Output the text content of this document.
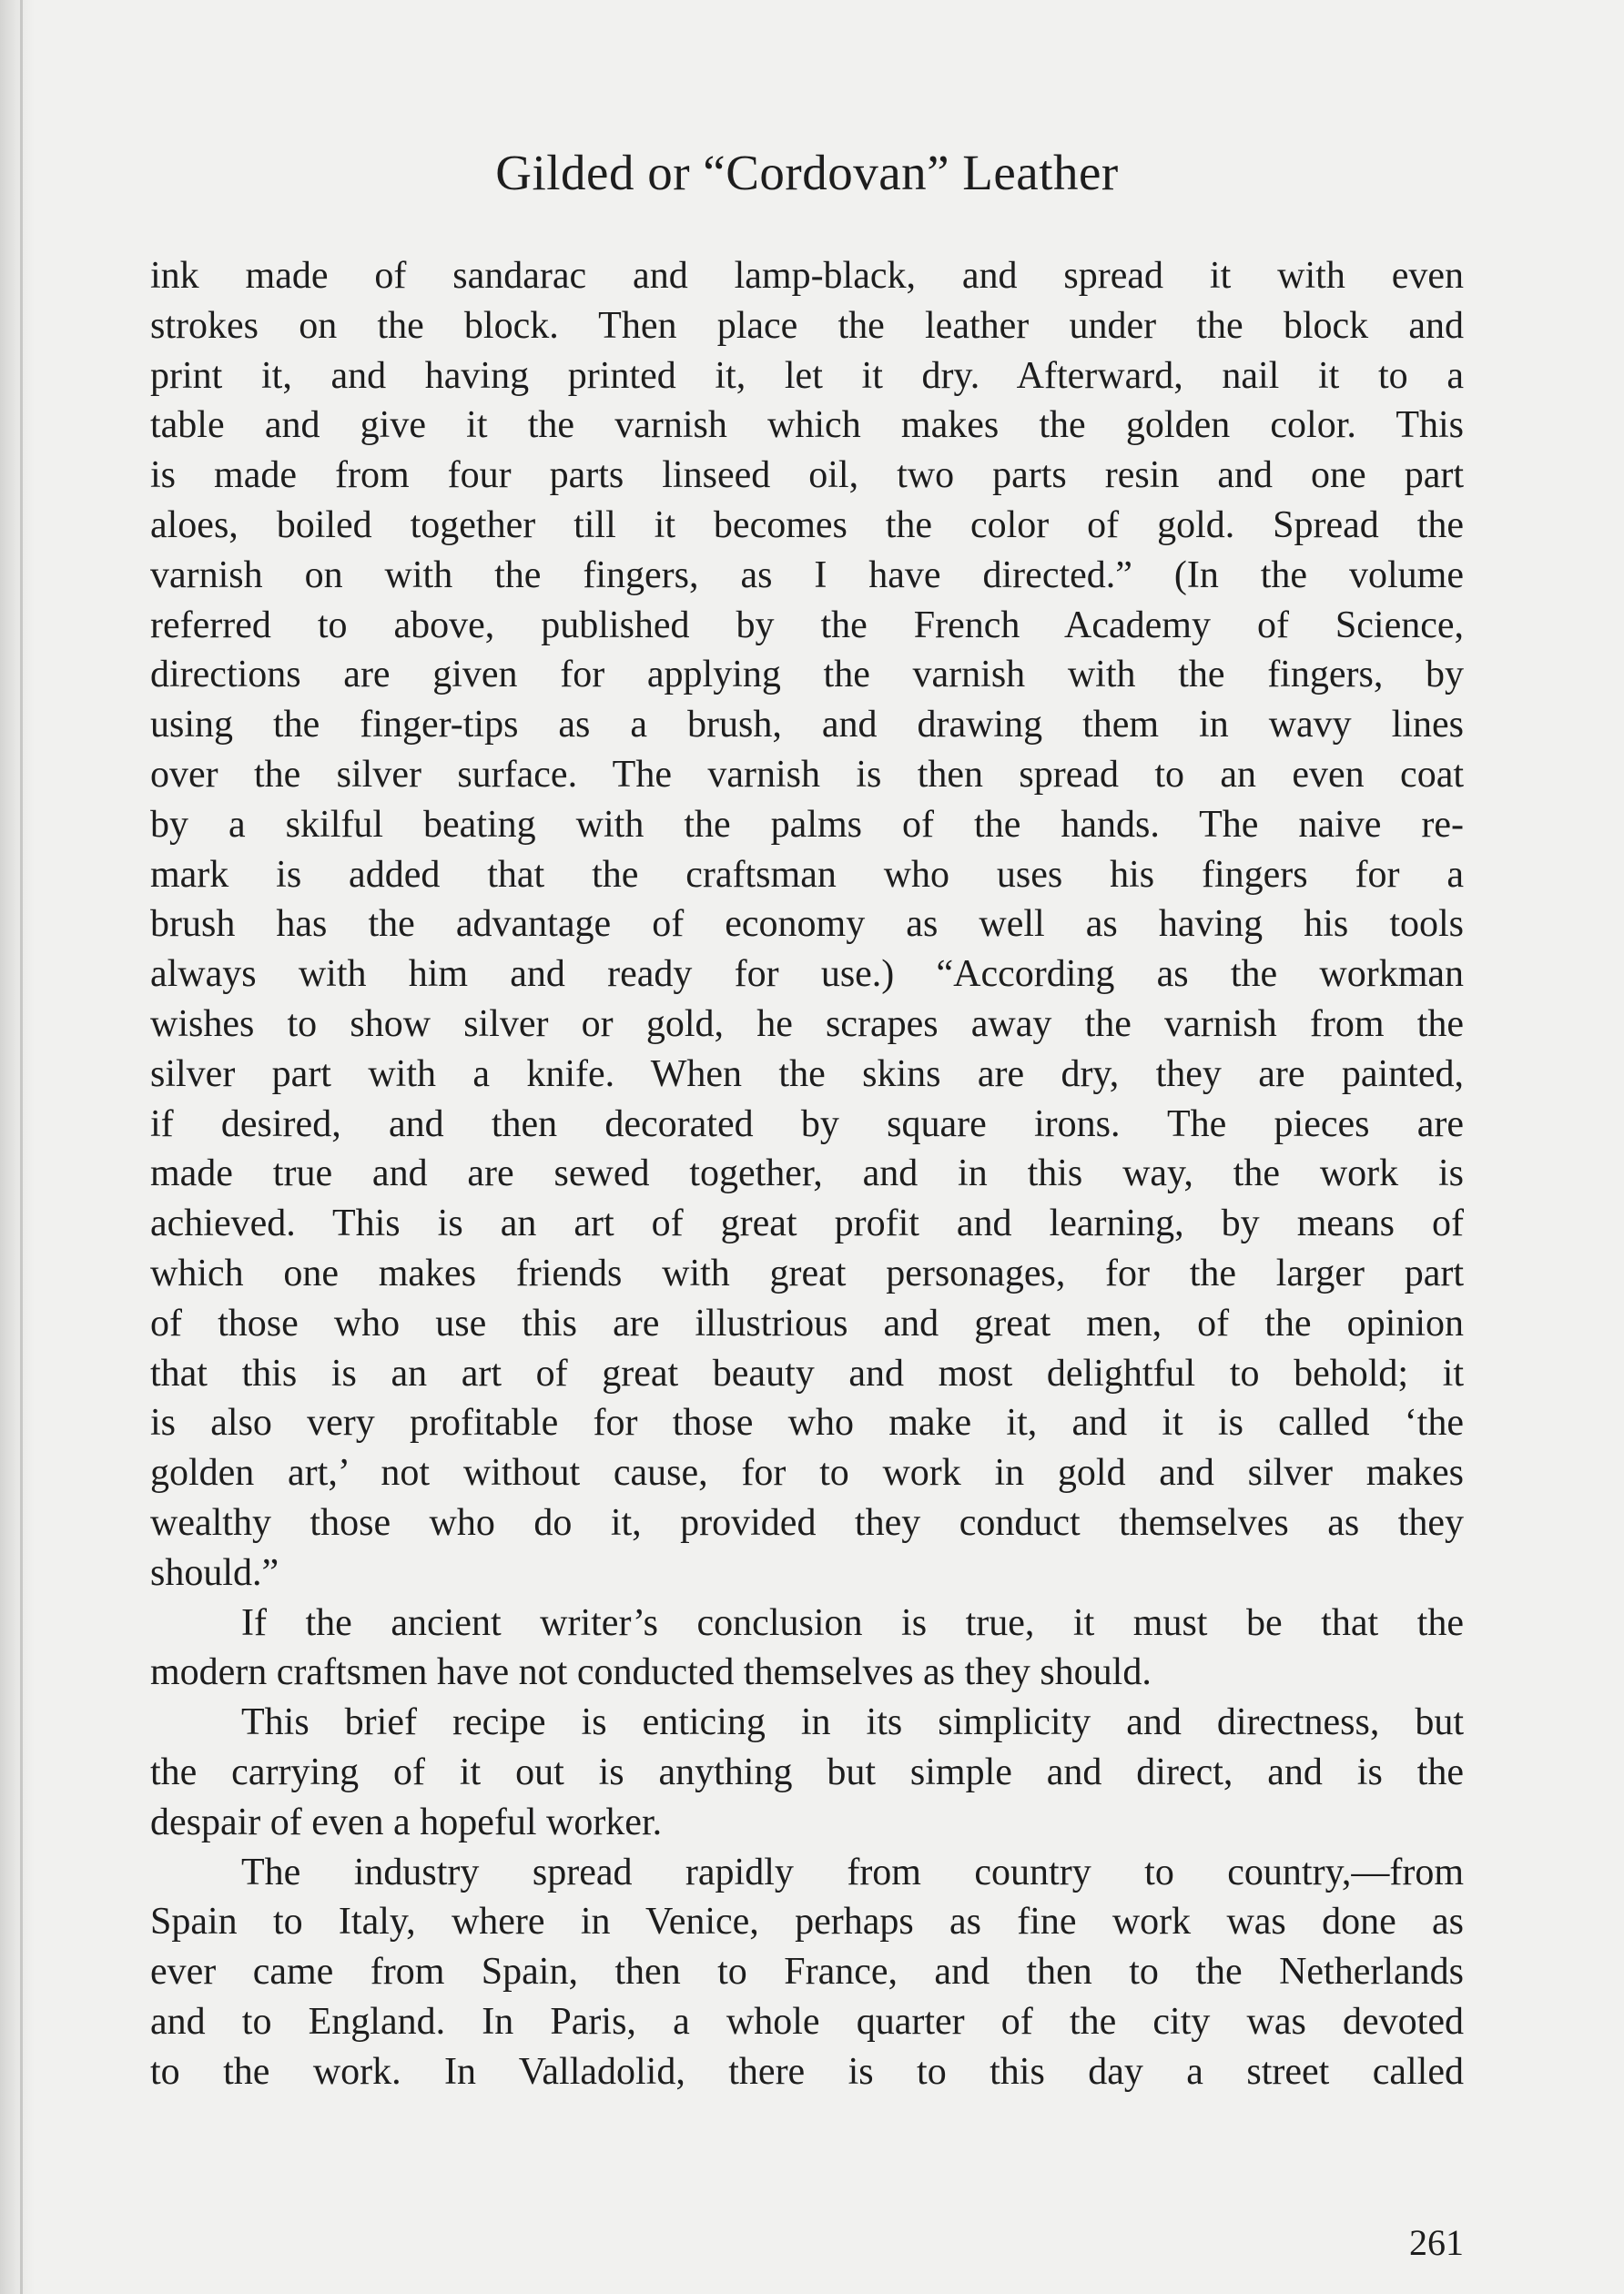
Gilded or “Cordovan” Leather
ink made of sandarac and lamp-black, and spread it with even
strokes on the block. Then place the leather under the block and
print it, and having printed it, let it dry. Afterward, nail it to a
table and give it the varnish which makes the golden color. This
is made from four parts linseed oil, two parts resin and one part
aloes, boiled together till it becomes the color of gold. Spread the
varnish on with the fingers, as I have directed.” (In the volume
referred to above, published by the French Academy of Science,
directions are given for applying the varnish with the fingers, by
using the finger-tips as a brush, and drawing them in wavy lines
over the silver surface. The varnish is then spread to an even coat
by a skilful beating with the palms of the hands. The naive re-
mark is added that the craftsman who uses his fingers for a
brush has the advantage of economy as well as having his tools
always with him and ready for use.) “According as the workman
wishes to show silver or gold, he scrapes away the varnish from the
silver part with a knife. When the skins are dry, they are painted,
if desired, and then decorated by square irons. The pieces are
made true and are sewed together, and in this way, the work is
achieved. This is an art of great profit and learning, by means of
which one makes friends with great personages, for the larger part
of those who use this are illustrious and great men, of the opinion
that this is an art of great beauty and most delightful to behold; it
is also very profitable for those who make it, and it is called ‘the
golden art,’ not without cause, for to work in gold and silver makes
wealthy those who do it, provided they conduct themselves as they
should.”
If the ancient writer’s conclusion is true, it must be that the
modern craftsmen have not conducted themselves as they should.
This brief recipe is enticing in its simplicity and directness, but
the carrying of it out is anything but simple and direct, and is the
despair of even a hopeful worker.
The industry spread rapidly from country to country,—from
Spain to Italy, where in Venice, perhaps as fine work was done as
ever came from Spain, then to France, and then to the Netherlands
and to England. In Paris, a whole quarter of the city was devoted
to the work. In Valladolid, there is to this day a street called
261
